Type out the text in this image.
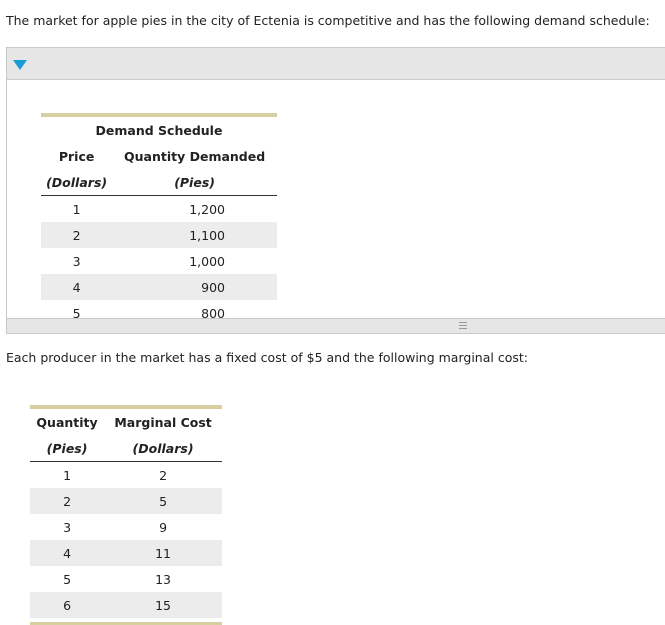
The market for apple pies in the city of Ectenia is competitive and has the following demand schedule:

Demand Schedule	
Price	Quantity Demanded
(Dollars)	(Pies)
1	1,200
2	1,100
3	1,000
4	900
5	800

Each producer in the market has a fixed cost of $5 and the following marginal cost:

Quantity	Marginal Cost
(Pies)	(Dollars)
1	2
2	5
3	9
4	11
5	13
6	15
